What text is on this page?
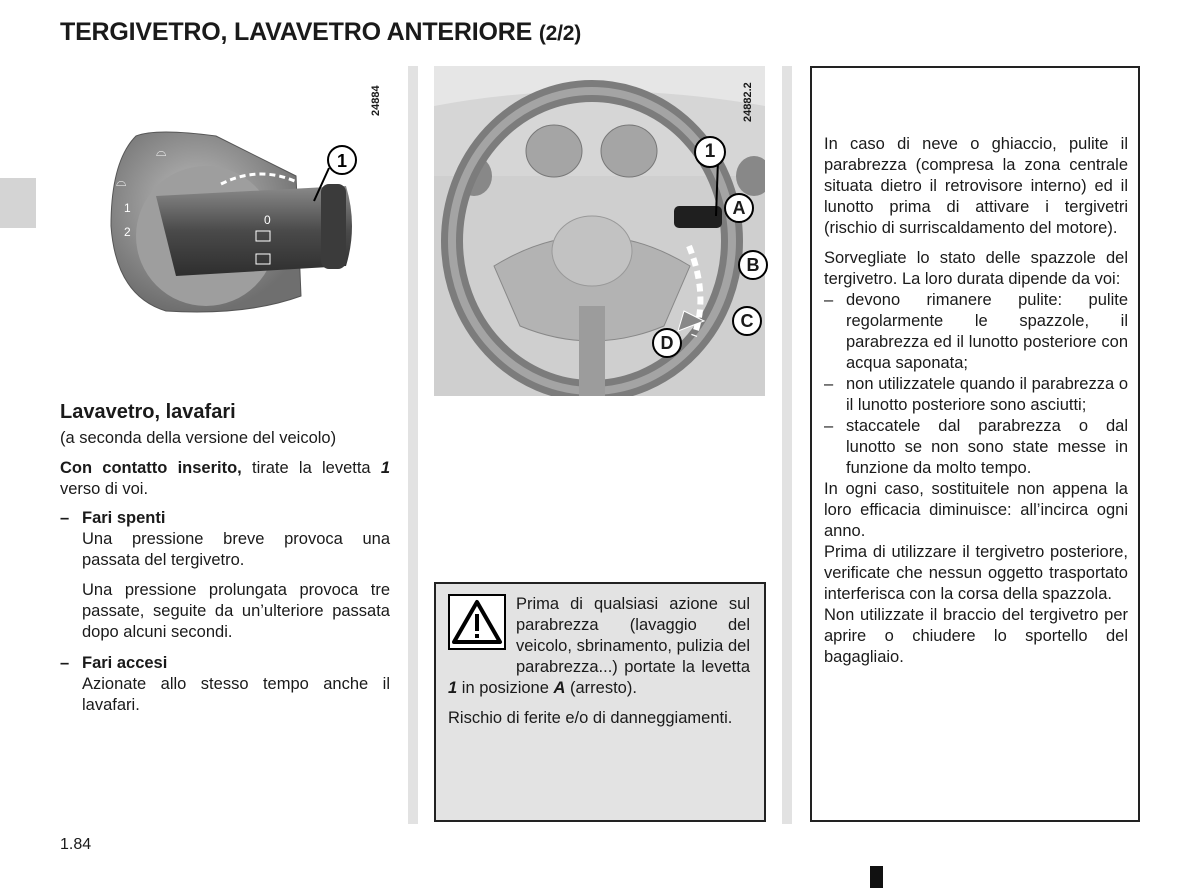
TERGIVETRO, LAVAVETRO ANTERIORE (2/2)
⌓
⌓
1
2
0
1
24884	24882.2
1
A
B
C
D
Lavavetro, lavafari
(a seconda della versione del veicolo)
Con contatto inserito, tirate la levetta 1 verso di voi.
– Fari spenti

Una pressione breve provoca una passata del tergivetro.

Una pressione prolungata provoca tre passate, seguite da un’ulteriore passata dopo alcuni secondi.

– Fari accesi

Azionate allo stesso tempo anche il lavafari.

Prima di qualsiasi azione sul parabrezza (lavaggio del veicolo, sbrinamento, pulizia del parabrezza...) portate la levetta 1 in posizione A (arresto).

Rischio di ferite e/o di danneggiamenti.

In caso di neve o ghiaccio, pulite il parabrezza (compresa la zona centrale situata dietro il retrovisore interno) ed il lunotto prima di attivare i tergivetri (rischio di surriscaldamento del motore).

Sorvegliate lo stato delle spazzole del tergivetro. La loro durata dipende da voi:

– devono rimanere pulite: pulite regolarmente le spazzole, il parabrezza ed il lunotto posteriore con acqua saponata;
– non utilizzatele quando il parabrezza o il lunotto posteriore sono asciutti;
– staccatele dal parabrezza o dal lunotto se non sono state messe in funzione da molto tempo.

In ogni caso, sostituitele non appena la loro efficacia diminuisce: all’incirca ogni anno.

Prima di utilizzare il tergivetro posteriore, verificate che nessun oggetto trasportato interferisca con la corsa della spazzola.

Non utilizzate il braccio del tergivetro per aprire o chiudere lo sportello del bagagliaio.

1.84
